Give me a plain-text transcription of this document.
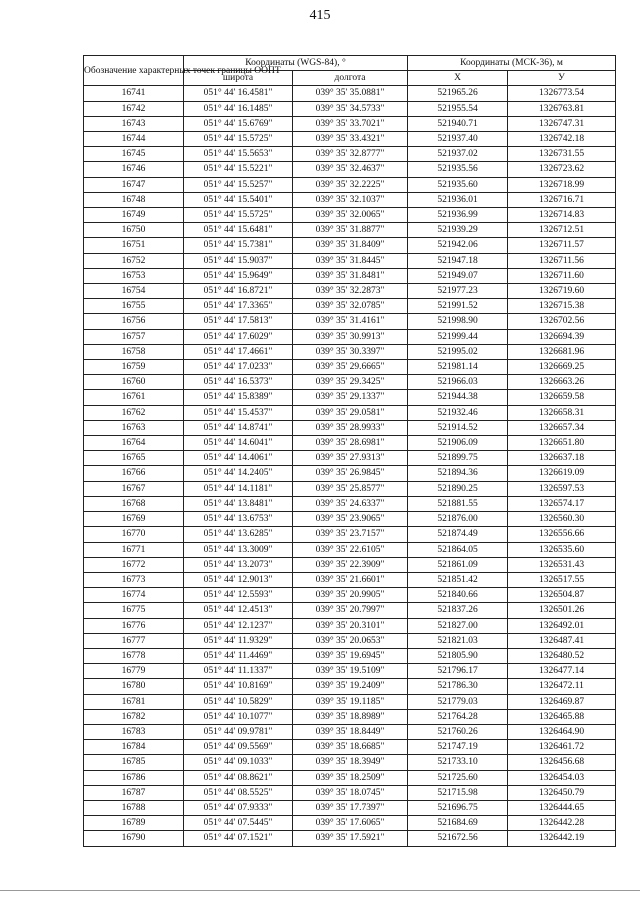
415
Обозначение характерных точек границы ООПТ	Координаты (WGS-84), °		Координаты (МСК-36), м	
	широта	долгота	X	У
16741	051° 44' 16.4581"	039° 35' 35.0881"	521965.26	1326773.54
16742	051° 44' 16.1485"	039° 35' 34.5733"	521955.54	1326763.81
16743	051° 44' 15.6769"	039° 35' 33.7021"	521940.71	1326747.31
16744	051° 44' 15.5725"	039° 35' 33.4321"	521937.40	1326742.18
16745	051° 44' 15.5653"	039° 35' 32.8777"	521937.02	1326731.55
16746	051° 44' 15.5221"	039° 35' 32.4637"	521935.56	1326723.62
16747	051° 44' 15.5257"	039° 35' 32.2225"	521935.60	1326718.99
16748	051° 44' 15.5401"	039° 35' 32.1037"	521936.01	1326716.71
16749	051° 44' 15.5725"	039° 35' 32.0065"	521936.99	1326714.83
16750	051° 44' 15.6481"	039° 35' 31.8877"	521939.29	1326712.51
16751	051° 44' 15.7381"	039° 35' 31.8409"	521942.06	1326711.57
16752	051° 44' 15.9037"	039° 35' 31.8445"	521947.18	1326711.56
16753	051° 44' 15.9649"	039° 35' 31.8481"	521949.07	1326711.60
16754	051° 44' 16.8721"	039° 35' 32.2873"	521977.23	1326719.60
16755	051° 44' 17.3365"	039° 35' 32.0785"	521991.52	1326715.38
16756	051° 44' 17.5813"	039° 35' 31.4161"	521998.90	1326702.56
16757	051° 44' 17.6029"	039° 35' 30.9913"	521999.44	1326694.39
16758	051° 44' 17.4661"	039° 35' 30.3397"	521995.02	1326681.96
16759	051° 44' 17.0233"	039° 35' 29.6665"	521981.14	1326669.25
16760	051° 44' 16.5373"	039° 35' 29.3425"	521966.03	1326663.26
16761	051° 44' 15.8389"	039° 35' 29.1337"	521944.38	1326659.58
16762	051° 44' 15.4537"	039° 35' 29.0581"	521932.46	1326658.31
16763	051° 44' 14.8741"	039° 35' 28.9933"	521914.52	1326657.34
16764	051° 44' 14.6041"	039° 35' 28.6981"	521906.09	1326651.80
16765	051° 44' 14.4061"	039° 35' 27.9313"	521899.75	1326637.18
16766	051° 44' 14.2405"	039° 35' 26.9845"	521894.36	1326619.09
16767	051° 44' 14.1181"	039° 35' 25.8577"	521890.25	1326597.53
16768	051° 44' 13.8481"	039° 35' 24.6337"	521881.55	1326574.17
16769	051° 44' 13.6753"	039° 35' 23.9065"	521876.00	1326560.30
16770	051° 44' 13.6285"	039° 35' 23.7157"	521874.49	1326556.66
16771	051° 44' 13.3009"	039° 35' 22.6105"	521864.05	1326535.60
16772	051° 44' 13.2073"	039° 35' 22.3909"	521861.09	1326531.43
16773	051° 44' 12.9013"	039° 35' 21.6601"	521851.42	1326517.55
16774	051° 44' 12.5593"	039° 35' 20.9905"	521840.66	1326504.87
16775	051° 44' 12.4513"	039° 35' 20.7997"	521837.26	1326501.26
16776	051° 44' 12.1237"	039° 35' 20.3101"	521827.00	1326492.01
16777	051° 44' 11.9329"	039° 35' 20.0653"	521821.03	1326487.41
16778	051° 44' 11.4469"	039° 35' 19.6945"	521805.90	1326480.52
16779	051° 44' 11.1337"	039° 35' 19.5109"	521796.17	1326477.14
16780	051° 44' 10.8169"	039° 35' 19.2409"	521786.30	1326472.11
16781	051° 44' 10.5829"	039° 35' 19.1185"	521779.03	1326469.87
16782	051° 44' 10.1077"	039° 35' 18.8989"	521764.28	1326465.88
16783	051° 44' 09.9781"	039° 35' 18.8449"	521760.26	1326464.90
16784	051° 44' 09.5569"	039° 35' 18.6685"	521747.19	1326461.72
16785	051° 44' 09.1033"	039° 35' 18.3949"	521733.10	1326456.68
16786	051° 44' 08.8621"	039° 35' 18.2509"	521725.60	1326454.03
16787	051° 44' 08.5525"	039° 35' 18.0745"	521715.98	1326450.79
16788	051° 44' 07.9333"	039° 35' 17.7397"	521696.75	1326444.65
16789	051° 44' 07.5445"	039° 35' 17.6065"	521684.69	1326442.28
16790	051° 44' 07.1521"	039° 35' 17.5921"	521672.56	1326442.19
